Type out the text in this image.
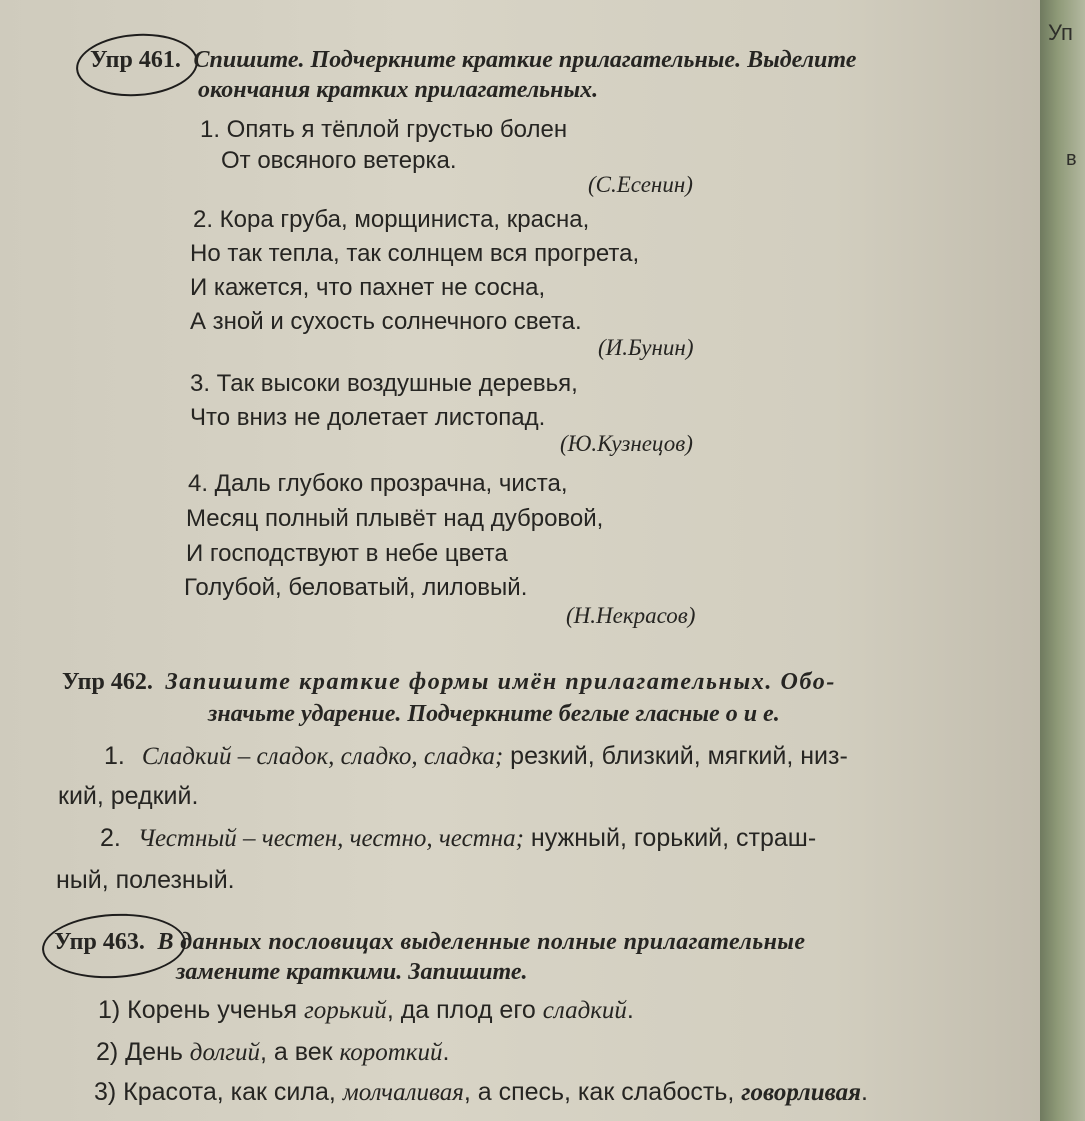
Упр 461. Спишите. Подчеркните краткие прилагательные. Выделите
окончания кратких прилагательных.
1. Опять я тёплой грустью болен
От овсяного ветерка.
(С.Есенин)
2. Кора груба, морщиниста, красна,
Но так тепла, так солнцем вся прогрета,
И кажется, что пахнет не сосна,
А зной и сухость солнечного света.
(И.Бунин)
3. Так высоки воздушные деревья,
Что вниз не долетает листопад.
(Ю.Кузнецов)
4. Даль глубоко прозрачна, чиста,
Месяц полный плывёт над дубровой,
И господствуют в небе цвета
Голубой, беловатый, лиловый.
(Н.Некрасов)
Упр 462. Запишите краткие формы имён прилагательных. Обо-
значьте ударение. Подчеркните беглые гласные о и е.
1. Сладкий – сладок, сладко, сладка; резкий, близкий, мягкий, низ-
кий, редкий.
2. Честный – честен, честно, честна; нужный, горький, страш-
ный, полезный.
Упр 463. В данных пословицах выделенные полные прилагательные
замените краткими. Запишите.
1) Корень ученья горький, да плод его сладкий.
2) День долгий, а век короткий.
3) Красота, как сила, молчаливая, а спесь, как слабость, говорливая.
Уп
в
